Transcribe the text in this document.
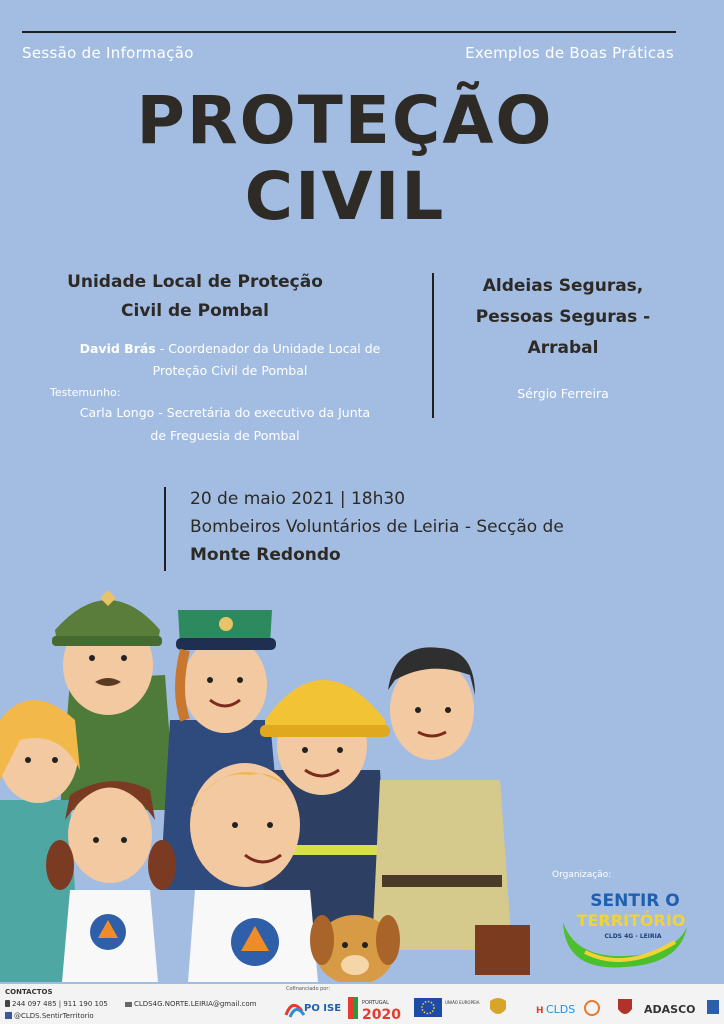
Sessão de Informação	Exemplos de Boas Práticas
PROTEÇÃO
CIVIL
Unidade Local de Proteção
Civil de Pombal
David Brás - Coordenador da Unidade Local de
Proteção Civil de Pombal
Testemunho:
Carla Longo - Secretária do executivo da Junta
de Freguesia de Pombal
Aldeias Seguras,
Pessoas Seguras -
Arrabal
Sérgio Ferreira
20 de maio 2021 | 18h30
Bombeiros Voluntários de Leiria - Secção de
Monte Redondo
Organização:
SENTIR O
TERRITÓRIO
CLDS 4G - LEIRIA
CONTACTOS
244 097 485 | 911 190 105	CLDS4G.NORTE.LEIRIA@gmail.com
@CLDS.SentirTerritorio
Cofinanciado por:
PO ISE	PORTUGAL
2020
UNIÃO EUROPEIA
H CLDS	ADASCO
